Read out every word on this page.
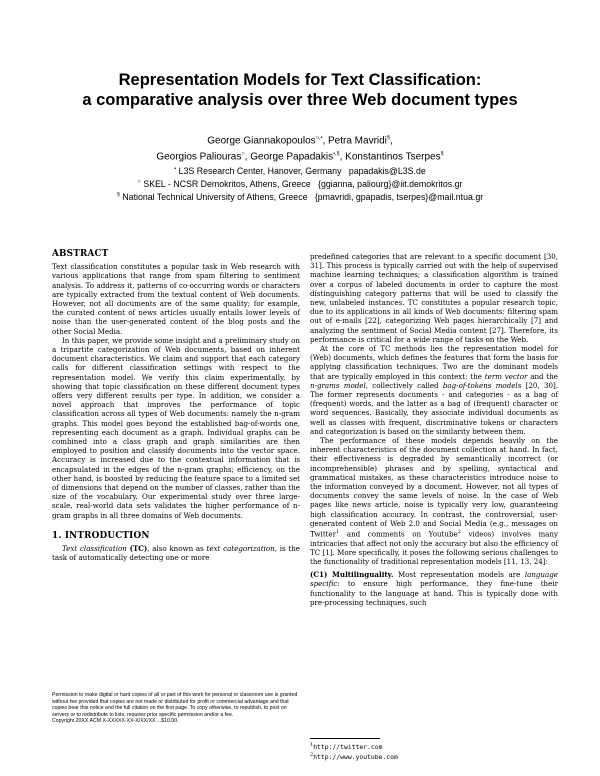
Representation Models for Text Classification:
a comparative analysis over three Web document types
George Giannakopoulos○,•, Petra Mavridi§,
Georgios Paliouras○, George Papadakis•,§, Konstantinos Tserpes§
• L3S Research Center, Hanover, Germany papadakis@L3S.de
○ SKEL - NCSR Demokritos, Athens, Greece {ggianna, paliourg}@iit.demokritos.gr
§ National Technical University of Athens, Greece {pmavridi, gpapadis, tserpes}@mail.ntua.gr
ABSTRACT

Text classification constitutes a popular task in Web research with various applications that range from spam filtering to sentiment analysis. To address it, patterns of co-occurring words or characters are typically extracted from the textual content of Web documents. However, not all documents are of the same quality; for example, the curated content of news articles usually entails lower levels of noise than the user-generated content of the blog posts and the other Social Media.

In this paper, we provide some insight and a preliminary study on a tripartite categorization of Web documents, based on inherent document characteristics. We claim and support that each category calls for different classification settings with respect to the representation model. We verify this claim experimentally, by showing that topic classification on these different document types offers very different results per type. In addition, we consider a novel approach that improves the performance of topic classification across all types of Web documents: namely the n-gram graphs. This model goes beyond the established bag-of-words one, representing each document as a graph. Individual graphs can be combined into a class graph and graph similarities are then employed to position and classify documents into the vector space. Accuracy is increased due to the contextual information that is encapsulated in the edges of the n-gram graphs; efficiency, on the other hand, is boosted by reducing the feature space to a limited set of dimensions that depend on the number of classes, rather than the size of the vocabulary. Our experimental study over three large-scale, real-world data sets validates the higher performance of n-gram graphs in all three domains of Web documents.

1. INTRODUCTION

Text classification (TC), also known as text categorization, is the task of automatically detecting one or more

Permission to make digital or hard copies of all or part of this work for personal or classroom use is granted without fee provided that copies are not made or distributed for profit or commercial advantage and that copies bear this notice and the full citation on the first page. To copy otherwise, to republish, to post on servers or to redistribute to lists, requires prior specific permission and/or a fee.
Copyright 20XX ACM X-XXXXX-XX-X/XX/XX ...$10.00.

predefined categories that are relevant to a specific document [30, 31]. This process is typically carried out with the help of supervised machine learning techniques; a classification algorithm is trained over a corpus of labeled documents in order to capture the most distinguishing category patterns that will be used to classify the new, unlabeled instances. TC constitutes a popular research topic, due to its applications in all kinds of Web documents: filtering spam out of e-mails [22], categorizing Web pages hierarchically [7] and analyzing the sentiment of Social Media content [27]. Therefore, its performance is critical for a wide range of tasks on the Web.

At the core of TC methods lies the representation model for (Web) documents, which defines the features that form the basis for applying classification techniques. Two are the dominant models that are typically employed in this context: the term vector and the n-grams model, collectively called bag-of-tokens models [20, 30]. The former represents documents - and categories - as a bag of (frequent) words, and the latter as a bag of (frequent) character or word sequences. Basically, they associate individual documents as well as classes with frequent, discriminative tokens or characters and categorization is based on the similarity between them.

The performance of these models depends heavily on the inherent characteristics of the document collection at hand. In fact, their effectiveness is degraded by semantically incorrect (or incomprehensible) phrases and by spelling, syntactical and grammatical mistakes, as these characteristics introduce noise to the information conveyed by a document. However, not all types of documents convey the same levels of noise. In the case of Web pages like news article, noise is typically very low, guaranteeing high classification accuracy. In contrast, the controversial, user-generated content of Web 2.0 and Social Media (e.g., messages on Twitter$^1$ and comments on Youtube$^2$ videos) involves many intricacies that affect not only the accuracy but also the efficiency of TC [1]. More specifically, it poses the following serious challenges to the functionality of traditional representation models [11, 13, 24]:

(C1) Multilinguality. Most representation models are language specific: to ensure high performance, they fine-tune their functionality to the language at hand. This is typically done with pre-processing techniques, such

$^1$http://twitter.com
$^2$http://www.youtube.com
